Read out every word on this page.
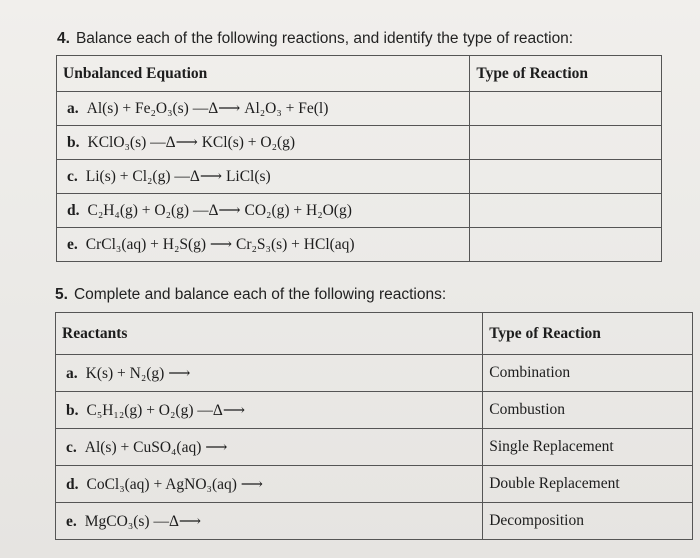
4. Balance each of the following reactions, and identify the type of reaction:
Unbalanced Equation	Type of Reaction
a. Al(s) + Fe₂O₃(s) —Δ⟶ Al₂O₃ + Fe(l)	
b. KClO₃(s) —Δ⟶ KCl(s) + O₂(g)	
c. Li(s) + Cl₂(g) —Δ⟶ LiCl(s)	
d. C₂H₄(g) + O₂(g) —Δ⟶ CO₂(g) + H₂O(g)	
e. CrCl₃(aq) + H₂S(g) ⟶ Cr₂S₃(s) + HCl(aq)	
5. Complete and balance each of the following reactions:
Reactants	Type of Reaction
a. K(s) + N₂(g) ⟶	Combination
b. C₅H₁₂(g) + O₂(g) —Δ⟶	Combustion
c. Al(s) + CuSO₄(aq) ⟶	Single Replacement
d. CoCl₃(aq) + AgNO₃(aq) ⟶	Double Replacement
e. MgCO₃(s) —Δ⟶	Decomposition
